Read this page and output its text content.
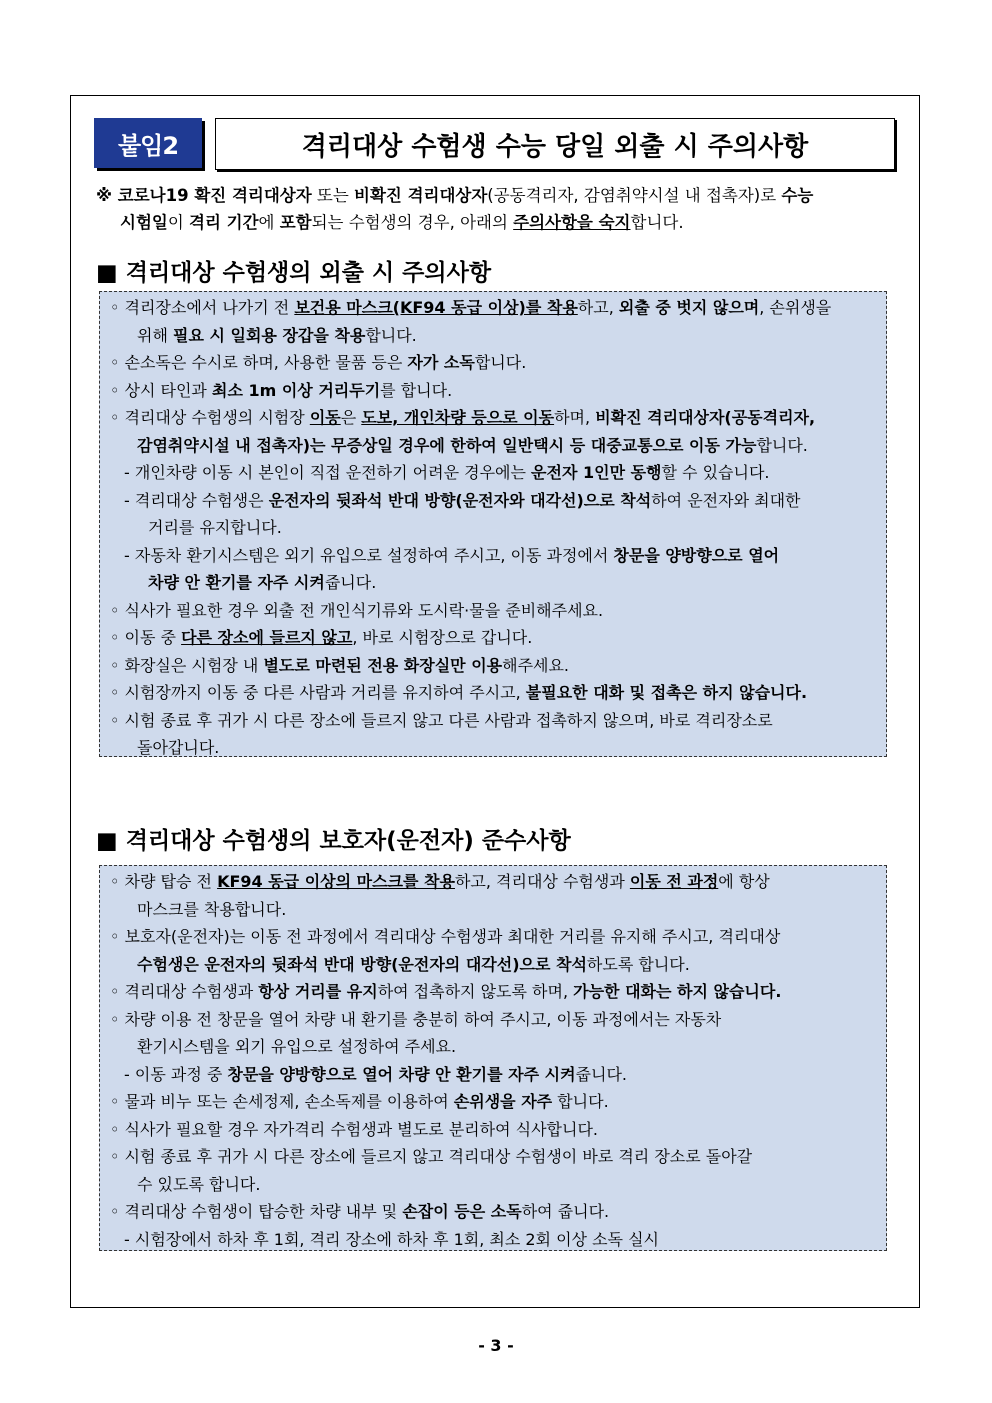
붙임2	격리대상 수험생 수능 당일 외출 시 주의사항
※ 코로나19 확진 격리대상자 또는 비확진 격리대상자(공동격리자, 감염취약시설 내 접촉자)로 수능
시험일이 격리 기간에 포함되는 수험생의 경우, 아래의 주의사항을 숙지합니다.
■ 격리대상 수험생의 외출 시 주의사항
◦ 격리장소에서 나가기 전 보건용 마스크(KF94 동급 이상)를 착용하고, 외출 중 벗지 않으며, 손위생을
위해 필요 시 일회용 장갑을 착용합니다.
◦ 손소독은 수시로 하며, 사용한 물품 등은 자가 소독합니다.
◦ 상시 타인과 최소 1m 이상 거리두기를 합니다.
◦ 격리대상 수험생의 시험장 이동은 도보, 개인차량 등으로 이동하며, 비확진 격리대상자(공동격리자,
감염취약시설 내 접촉자)는 무증상일 경우에 한하여 일반택시 등 대중교통으로 이동 가능합니다.
- 개인차량 이동 시 본인이 직접 운전하기 어려운 경우에는 운전자 1인만 동행할 수 있습니다.
- 격리대상 수험생은 운전자의 뒷좌석 반대 방향(운전자와 대각선)으로 착석하여 운전자와 최대한
거리를 유지합니다.
- 자동차 환기시스템은 외기 유입으로 설정하여 주시고, 이동 과정에서 창문을 양방향으로 열어
차량 안 환기를 자주 시켜줍니다.
◦ 식사가 필요한 경우 외출 전 개인식기류와 도시락·물을 준비해주세요.
◦ 이동 중 다른 장소에 들르지 않고, 바로 시험장으로 갑니다.
◦ 화장실은 시험장 내 별도로 마련된 전용 화장실만 이용해주세요.
◦ 시험장까지 이동 중 다른 사람과 거리를 유지하여 주시고, 불필요한 대화 및 접촉은 하지 않습니다.
◦ 시험 종료 후 귀가 시 다른 장소에 들르지 않고 다른 사람과 접촉하지 않으며, 바로 격리장소로
돌아갑니다.
■ 격리대상 수험생의 보호자(운전자) 준수사항
◦ 차량 탑승 전 KF94 동급 이상의 마스크를 착용하고, 격리대상 수험생과 이동 전 과정에 항상
마스크를 착용합니다.
◦ 보호자(운전자)는 이동 전 과정에서 격리대상 수험생과 최대한 거리를 유지해 주시고, 격리대상
수험생은 운전자의 뒷좌석 반대 방향(운전자의 대각선)으로 착석하도록 합니다.
◦ 격리대상 수험생과 항상 거리를 유지하여 접촉하지 않도록 하며, 가능한 대화는 하지 않습니다.
◦ 차량 이용 전 창문을 열어 차량 내 환기를 충분히 하여 주시고, 이동 과정에서는 자동차
환기시스템을 외기 유입으로 설정하여 주세요.
- 이동 과정 중 창문을 양방향으로 열어 차량 안 환기를 자주 시켜줍니다.
◦ 물과 비누 또는 손세정제, 손소독제를 이용하여 손위생을 자주 합니다.
◦ 식사가 필요할 경우 자가격리 수험생과 별도로 분리하여 식사합니다.
◦ 시험 종료 후 귀가 시 다른 장소에 들르지 않고 격리대상 수험생이 바로 격리 장소로 돌아갈
수 있도록 합니다.
◦ 격리대상 수험생이 탑승한 차량 내부 및 손잡이 등은 소독하여 줍니다.
- 시험장에서 하차 후 1회, 격리 장소에 하차 후 1회, 최소 2회 이상 소독 실시
- 3 -
